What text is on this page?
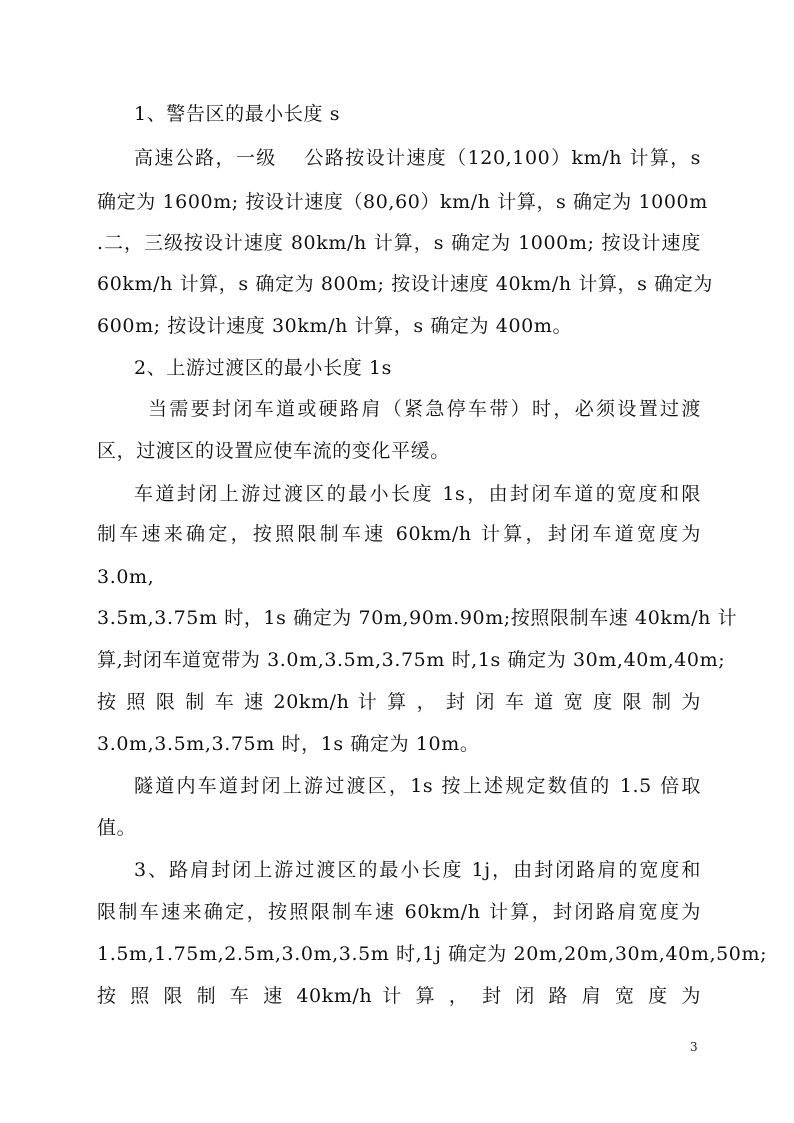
1、警告区的最小长度 s
高速公路，一级　 公路按设计速度（120,100）km/h 计算，s
确定为 1600m; 按设计速度（80,60）km/h 计算，s 确定为 1000m
.二，三级按设计速度 80km/h 计算，s 确定为 1000m; 按设计速度
60km/h 计算，s 确定为 800m; 按设计速度 40km/h 计算，s 确定为
600m; 按设计速度 30km/h 计算，s 确定为 400m。
2、上游过渡区的最小长度 1s
当需要封闭车道或硬路肩（紧急停车带）时，必须设置过渡
区，过渡区的设置应使车流的变化平缓。
车道封闭上游过渡区的最小长度 1s，由封闭车道的宽度和限
制车速来确定，按照限制车速 60km/h 计算，封闭车道宽度为
3.0m,
3.5m,3.75m 时，1s 确定为 70m,90m.90m;按照限制车速 40km/h 计
算,封闭车道宽带为 3.0m,3.5m,3.75m 时,1s 确定为 30m,40m,40m;
按 照 限 制 车 速 20km/h 计 算 ， 封 闭 车 道 宽 度 限 制 为
3.0m,3.5m,3.75m 时，1s 确定为 10m。
隧道内车道封闭上游过渡区，1s 按上述规定数值的 1.5 倍取
值。
3、路肩封闭上游过渡区的最小长度 1j，由封闭路肩的宽度和
限制车速来确定，按照限制车速 60km/h 计算，封闭路肩宽度为
1.5m,1.75m,2.5m,3.0m,3.5m 时,1j 确定为 20m,20m,30m,40m,50m;
按 照 限 制 车 速 40km/h 计 算 ， 封 闭 路 肩 宽 度 为
3
